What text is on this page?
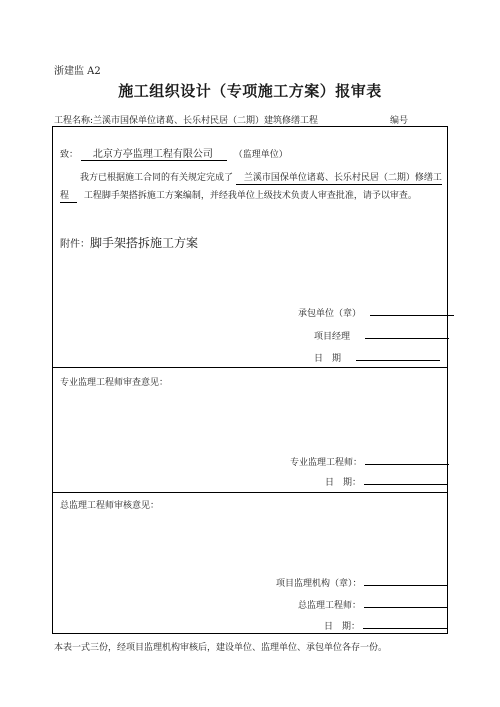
浙建监 A2
施工组织设计（专项施工方案）报审表
工程名称:兰溪市国保单位诸葛、长乐村民居（二期）建筑修缮工程	编号
致： 北京方亭监理工程有限公司 （监理单位）
我方已根据施工合同的有关规定完成了 兰溪市国保单位诸葛、长乐村民居（二期）修缮工
程 工程脚手架搭拆施工方案编制，并经我单位上级技术负责人审查批准，请予以审查。
附件：脚手架搭拆施工方案
承包单位（章）
项目经理
日　期
专业监理工程师审查意见：
专业监理工程师：
日　期：
总监理工程师审核意见：
项目监理机构（章）：
总监理工程师：
日　期：
本表一式三份，经项目监理机构审核后，建设单位、监理单位、承包单位各存一份。
